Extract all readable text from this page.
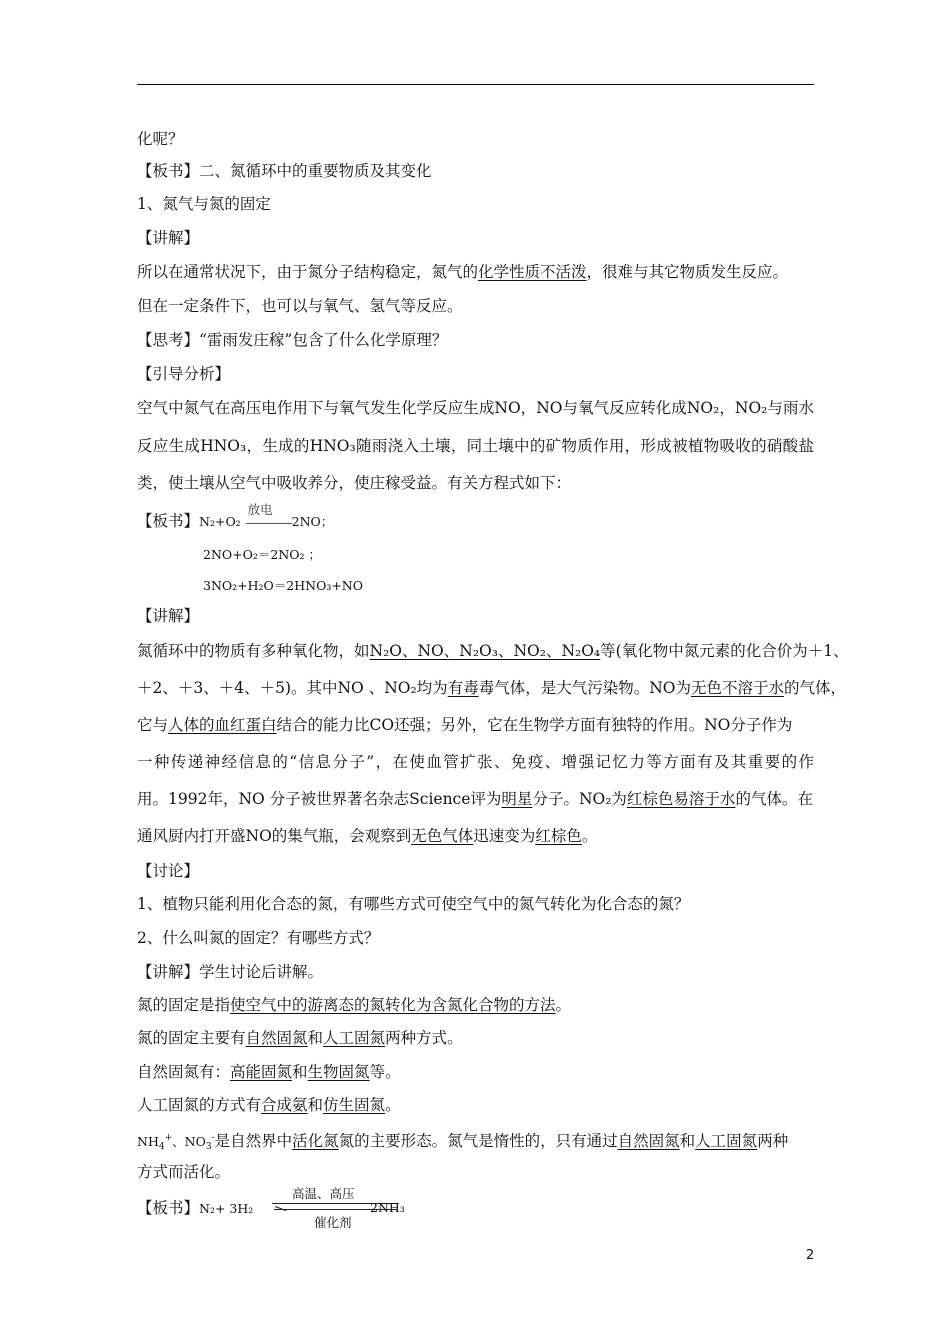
化呢？
【板书】二、氮循环中的重要物质及其变化
1、氮气与氮的固定
【讲解】
所以在通常状况下，由于氮分子结构稳定，氮气的化学性质不活泼，很难与其它物质发生反应。
但在一定条件下，也可以与氧气、氢气等反应。
【思考】“雷雨发庄稼”包含了什么化学原理？
【引导分析】
空气中氮气在高压电作用下与氧气发生化学反应生成NO，NO与氧气反应转化成NO₂，NO₂与雨水
反应生成HNO₃，生成的HNO₃随雨浇入土壤，同土壤中的矿物质作用，形成被植物吸收的硝酸盐
类，使土壤从空气中吸收养分，使庄稼受益。有关方程式如下：
【板书】N₂+O₂
放电
2NO；
2NO+O₂＝2NO₂ ；
3NO₂+H₂O＝2HNO₃+NO
【讲解】
氮循环中的物质有多种氧化物，如N₂O、NO、N₂O₃、NO₂、N₂O₄等(氧化物中氮元素的化合价为＋1、
＋2、＋3、＋4、＋5)。其中NO 、NO₂均为有毒毒气体，是大气污染物。NO为无色不溶于水的气体，
它与人体的血红蛋白结合的能力比CO还强；另外，它在生物学方面有独特的作用。NO分子作为
一种传递神经信息的“信息分子”，在使血管扩张、免疫、增强记忆力等方面有及其重要的作
用。1992年，NO 分子被世界著名杂志Science评为明星分子。NO₂为红棕色易溶于水的气体。在
通风厨内打开盛NO的集气瓶，会观察到无色气体迅速变为红棕色。
【讨论】
1、植物只能利用化合态的氮，有哪些方式可使空气中的氮气转化为化合态的氮？
2、什么叫氮的固定？有哪些方式？
【讲解】学生讨论后讲解。
氮的固定是指使空气中的游离态的氮转化为含氮化合物的方法。
氮的固定主要有自然固氮和人工固氮两种方式。
自然固氮有：高能固氮和生物固氮等。
人工固氮的方式有合成氨和仿生固氮。
$NH_4^+$、$NO_3^-$是自然界中活化氮氮的主要形态。氮气是惰性的，只有通过自然固氮和人工固氮两种
方式而活化。
【板书】N₂+ 3H₂
高温、高压
催化剂
2NH₃
2
